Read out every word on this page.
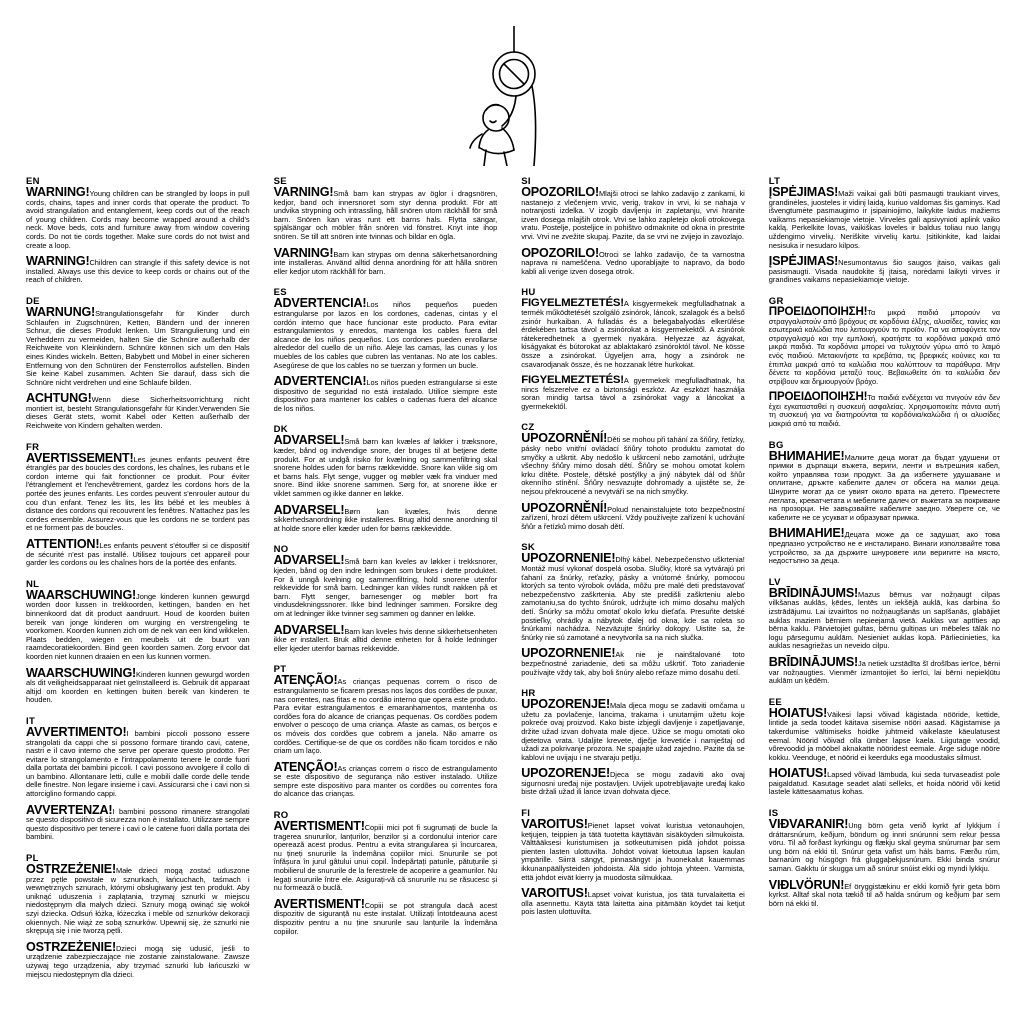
EN
WARNING!Young children can be strangled by loops in pull cords, chains, tapes and inner cords that operate the product. To avoid strangulation and entanglement, keep cords out of the reach of young children. Cords may become wrapped around a child's neck. Move beds, cots and furniture away from window covering cords. Do not tie cords together. Make sure cords do not twist and create a loop.
WARNING!Children can strangle if this safety device is not installed. Always use this device to keep cords or chains out of the reach of children.
DE
WARNUNG!Strangulationsgefahr für Kinder durch Schlaufen in Zugschnüren, Ketten, Bändern und der inneren Schnur, die dieses Produkt lenken. Um Strangulierung und ein Verheddern zu vermeiden, halten Sie die Schnüre außerhalb der Reichweite von Kleinkindern. Schnüre können sich um den Hals eines Kindes wickeln. Betten, Babybett und Möbel in einer sicheren Entfernung von den Schnüren der Fensterrollos aufstellen. Binden Sie keine Kabel zusammen. Achten Sie darauf, dass sich die Schnüre nicht verdrehen und eine Schlaufe bilden.
ACHTUNG!Wenn diese Sicherheitsvorrichtung nicht montiert ist, besteht Strangulationsgefahr für Kinder.Verwenden Sie dieses Gerät stets, womit Kabel oder Ketten außerhalb der Reichweite von Kindern gehalten werden.
FR
AVERTISSEMENT!Les jeunes enfants peuvent être étranglés par des boucles des cordons, les chaînes, les rubans et le cordon interne qui fait fonctionner ce produit. Pour éviter l'étranglement et l'enchevêtrement, gardez les cordons hors de la portée des jeunes enfants. Les cordes peuvent s'enrouler autour du cou d'un enfant. Tenez les lits, les lits bébé et les meubles à distance des cordons qui recouvrent les fenêtres. N'attachez pas les cordes ensemble. Assurez-vous que les cordons ne se tordent pas et ne forment pas de boucles.
ATTENTION!Les enfants peuvent s'étouffer si ce dispositif de sécurité n'est pas installé. Utilisez toujours cet appareil pour garder les cordons ou les chaînes hors de la portée des enfants.
NL
WAARSCHUWING!Jonge kinderen kunnen gewurgd worden door lussen in trekkoorden, kettingen, banden en het binnenkoord dat dit product aandruurt. Houd de koorden buiten bereik van jonge kinderen om wurging en verstrengeling te voorkomen. Koorden kunnen zich om de nek van een kind wikkelen. Plaats bedden, wiegen en meubels uit de buurt van raamdecoratiekoorden. Bind geen koorden samen. Zorg ervoor dat koorden niet kunnen draaien en een lus kunnen vormen.
WAARSCHUWING!Kinderen kunnen gewurgd worden als dit veiligheidsapparaat niet geïnstalleerd is. Gebruik dit apparaat altijd om koorden en kettingen buiten bereik van kinderen te houden.
IT
AVVERTIMENTO!I bambini piccoli possono essere strangolati da cappi che si possono formare tirando cavi, catene, nastri e il cavo interno che serve per operare questo prodotto. Per evitare lo strangolamento e l'intrappolamento tenere le corde fuori dalla portata dei bambini piccoli. I cavi possono avvolgere il collo di un bambino. Allontanare letti, culle e mobili dalle corde delle tende delle finestre. Non legare insieme i cavi. Assicurarsi che i cavi non si attorciglino formando cappi.
AVVERTENZA!I bambini possono rimanere strangolati se questo dispositivo di sicurezza non è installato. Utilizzare sempre questo dispositivo per tenere i cavi o le catene fuori dalla portata dei bambini.
PL
OSTRZEŻENIE!Małe dzieci mogą zostać uduszone przez pętle powstałe w sznurkach, łańcuchach, taśmach i wewnętrznych sznurach, którymi obsługiwany jest ten produkt. Aby uniknąć uduszenia i zaplątania, trzymaj sznurki w miejscu niedostępnym dla małych dzieci. Sznury mogą owinąć się wokół szyi dziecka. Odsuń łóżka, łóżeczka i meble od sznurków dekoracji okiennych. Nie wiąż ze sobą sznurków. Upewnij się, że sznurki nie skrępują się i nie tworzą pętli.
OSTRZEŻENIE!Dzieci mogą się udusić, jeśli to urządzenie zabezpieczające nie zostanie zainstalowane. Zawsze używaj tego urządzenia, aby trzymać sznurki lub łańcuszki w miejscu niedostępnym dla dzieci.
SE
VARNING!Små barn kan strypas av öglor i dragsnören, kedjor, band och innersnoret som styr denna produkt. För att undvika strypning och intrassling, håll snören utom räckhåll för små barn. Snören kan viras runt ett barns hals. Flytta sängar, spjälsängar och möbler från snören vid fönstret. Knyt inte ihop snören. Se till att snören inte tvinnas och bildar en ögla.
VARNING!Barn kan strypas om denna säkerhetsanordning inte installeras. Använd alltid denna anordning för att hålla snören eller kedjor utom räckhåll för barn.
ES
ADVERTENCIA!Los niños pequeños pueden estrangularse por lazos en los cordones, cadenas, cintas y el cordón interno que hace funcionar este producto. Para evitar estrangulamientos y enredos, mantenga los cables fuera del alcance de los niños pequeños. Los cordones pueden enrollarse alrededor del cuello de un niño. Aleje las camas, las cunas y los muebles de los cables que cubren las ventanas. No ate los cables. Asegúrese de que los cables no se tuerzan y formen un bucle.
ADVERTENCIA!Los niños pueden estrangularse si este dispositivo de seguridad no está instalado. Utilice siempre este dispositivo para mantener los cables o cadenas fuera del alcance de los niños.
DK
ADVARSEL!Små børn kan kvæles af løkker i træksnore, kæder, bånd og indvendige snore, der bruges til at betjene dette produkt. For at undgå risiko for kvælning og sammenfiltring skal snorene holdes uden for børns rækkevidde. Snore kan vikle sig om et barns hals. Flyt senge, vugger og møbler væk fra vinduer med snore. Bind ikke snorene sammen. Sørg for, at snorene ikke er viklet sammen og ikke danner en løkke.
ADVARSEL!Børn kan kvæles, hvis denne sikkerhedsanordning ikke installeres. Brug altid denne anordning til at holde snore eller kæder uden for børns rækkevidde.
NO
ADVARSEL!Små barn kan kveles av løkker i trekksnorer, kjeden, bånd og den indre ledningen som brukes i dette produktet. For å unngå kvelning og sammenfiltring, hold snorene utenfor rekkevidde for små barn. Ledninger kan vikles rundt nakken på et barn. Flytt senger, barnesenger og møbler bort fra vindusdekningssnorer. Ikke bind ledninger sammen. Forsikre deg om at ledninger ikke tvinner seg sammen og danner en løkke.
ADVARSEL!Barn kan kveles hvis denne sikkerhetsenheten ikke er installert. Bruk alltid denne enheten for å holde ledninger eller kjeder utenfor barnas rekkevidde.
PT
ATENÇÃO!As crianças pequenas correm o risco de estrangulamento se ficarem presas nos laços dos cordões de puxar, nas correntes, nas fitas e no cordão interno que opera este produto. Para evitar estrangulamentos e emaranhamentos, mantenha os cordões fora do alcance de crianças pequenas. Os cordões podem envolver o pescoço de uma criança. Afaste as camas, os berços e os móveis dos cordões que cobrem a janela. Não amarre os cordões. Certifique-se de que os cordões não ficam torcidos e não criam um laço.
ATENÇÃO!As crianças correm o risco de estrangulamento se este dispositivo de segurança não estiver instalado. Utilize sempre este dispositivo para manter os cordões ou correntes fora do alcance das crianças.
RO
AVERTISMENT!Copiii mici pot fi sugrumați de bucle la tragerea snururilor, lanțurilor, benzilor și a cordonului interior care operează acest produs. Pentru a evita strangularea și încurcarea, nu țineți snururile la îndemâna copiilor mici. Snururile se pot înfășura în jurul gâtului unui copil. Îndepărtați paturile, pătuțurile și mobilierul de snururile de la ferestrele de acoperire a geamurilor. Nu legați snururile între ele. Asigurați-vă că snururile nu se răsucesc și nu formează o buclă.
AVERTISMENT!Copiii se pot strangula dacă acest dispozitiv de siguranță nu este instalat. Utilizați întotdeauna acest dispozitiv pentru a nu ține snururile sau lanțurile la îndemâna copiilor.
SI
OPOZORILO!Mlajši otroci se lahko zadavijo z zankami, ki nastanejo z vlečenjem vrvic, verig, trakov in vrvi, ki se nahaja v notranjosti izdelka. V izogib davljenju in zapletanju, vrvi hranite izven dosega mlajših otrok. Vrvi se lahko zapletejo okoli otrokovega vratu. Postelje, posteljice in pohištvo odmaknite od okna in prestrite vrvi. Vrvi ne zvežite skupaj. Pazite, da se vrvi ne zvijejo in zavozlajo.
OPOZORILO!Otroci se lahko zadavijo, če ta varnostna naprava ni nameščena. Vedno uporabljajte to napravo, da bodo kabli ali verige izven dosega otrok.
HU
FIGYELMEZTETÉS!A kisgyermekek megfulladhatnak a termék működtetését szolgáló zsinórok, láncok, szalagok és a belső zsinór hurkaiban. A fulladás és a belegabalyodás elkerülése érdekében tartsa távol a zsinórokat a kisgyermekektől. A zsinórok rátekeredhetnek a gyermek nyakára. Helyezze az ágyakat, kiságyakat és bútorokat az ablaktakaró zsinóroktól távol. Ne kösse össze a zsinórokat. Ügyeljen arra, hogy a zsinórok ne csavarodjanak össze, és ne hozzanak létre hurkokat.
FIGYELMEZTETÉS!A gyermekek megfulladhatnak, ha nincs felszerelve ez a biztonsági eszköz. Az eszközt használja soran mindig tartsa távol a zsinórokat vagy a láncokat a gyermekektől.
CZ
UPOZORNĚNÍ!Děti se mohou při tahání za šňůry, řetízky, pásky nebo vnitřní ovládací šňůry tohoto produktu zamotat do smyčky a uškrtit. Aby nedošlo k uškrcení nebo zamotání, udržujte všechny šňůry mimo dosah dětí. Šňůry se mohou omotat kolem krku dítěte. Postele, dětské postýlky a jiný nábytek dál od šňůr okenního stínění. Šňůry nesvazujte dohromady a ujistěte se, že nejsou překroucené a nevytváří se na nich smyčky.
UPOZORNĚNÍ!Pokud nenainstalujete toto bezpečnostní zařízení, hrozí dětem uškrcení. Vždy používejte zařízení k uchování šňůr a řetízků mimo dosah dětí.
SK
UPOZORNENIE!Dlhý kábel. Nebezpečenstvo uškrtenia! Montáž musí vykonať dospelá osoba. Slučky, ktoré sa vytvárajú pri ťahaní za šnúrky, reťazky, pásky a vnútorné šnúrky, pomocou ktorých sa tento výrobok ovláda, môžu pre malé deti predstavovať nebezpečenstvo zaškrtenia. Aby ste predišli zaškrteniu alebo zamotaniu,sa do tychto šnúrok, udržujte ich mimo dosahu malých detí. Šnúrky sa môžu omotať okolo krku dieťaťa. Presuňte detské postieľky, ohrádky a nábytok ďalej od okna, kde sa roleta so šnúrkami nachádza. Nezväzujte šnúrky dokopy. Uistite sa, že šnúrky nie sú zamotané a nevytvorila sa na nich slučka.
UPOZORNENIE!Ak nie je nainštalované toto bezpečnostné zariadenie, deti sa môžu uškrtiť. Toto zariadenie používajte vždy tak, aby boli šnúry alebo reťaze mimo dosahu detí.
HR
UPOZORENJE!Mala djeca mogu se zadaviti omčama u užetu za povlačenje, lancima, trakama i unutarnjim užetu koje pokreće ovaj proizvod. Kako biste izbjegli davljenje i zapetljavanje, držite užad izvan dohvata male djece. Užice se mogu omotati oko djetetova vrata. Udaljite krevete, dječje krevetiće i namještaj od užadi za pokrivanje prozora. Ne spajajte užad zajedno. Pazite da se kablovi ne uvijaju i ne stvaraju petlju.
UPOZORENJE!Djeca se mogu zadaviti ako ovaj sigurnosni uređaj nije postavljen. Uvijek upotrebljavajte uređaj kako biste držali užad ili lance izvan dohvata djece.
FI
VAROITUS!Pienet lapset voivat kuristua vetonauhojen, ketjujen, teippien ja tätä tuotetta käyttävän sisäköyden silmukoista. Välttääksesi kuristumisen ja sotkeutumisen pidä johdot poissa pienten lasten ulottuvilta. Johdot voivat kietoutua lapsen kaulan ympärille. Siirrä sängyt, pinnasängyt ja huonekalut kauemmas ikkunanpäällysteiden johdoista. Älä sido johtoja yhteen. Varmista, että johdot eivät kierry ja muodosta silmukkaa.
VAROITUS!Lapset voivat kuristua, jos tätä turvalaitetta ei olla asennettu. Käytä tätä laitetta aina pitämään köydet tai ketjut pois lasten ulottuvilta.
LT
ĮSPĖJIMAS!Maži vaikai gali būti pasmaugti traukiant virves, grandinėles, juosteles ir vidinį laidą, kuriuo valdomas šis gaminys. Kad išvengtumėte pasmaugimo ir įsipainiojimo, laikykite laidus mažiems vaikams nepasiekiamoje vietoje. Virvelės gali apsivynioti aplink vaiko kaklą. Perkelkite lovas, vaikiškas loveles ir baldus toliau nuo langų uždengimo virvelių. Neriškite virvelių kartu. Įsitikinkite, kad laidai nesisuka ir nesudaro kilpos.
ĮSPĖJIMAS!Nesumontavus šio saugos įtaiso, vaikas gali pasismaugti. Visada naudokite šį įtaisą, norėdami laikyti virves ir grandines vaikams nepasiekiamoje vietoje.
GR
ΠΡΟΕΙΔΟΠΟΙΗΣΗ!Τα μικρά παιδιά μπορούν να στραγγαλιστούν από βρόχους σε κορδόνια έλξης, αλυσίδες, ταινίες και εσωτερικά καλώδια που λειτουργούν το προϊόν. Για να αποφύγετε τον στραγγαλισμό και την εμπλοκή, κρατήστε τα κορδόνια μακριά από μικρά παιδιά. Τα κορδόνια μπορεί να τυλιχτούν γύρω από το λαιμό ενός παιδιού. Μετακινήστε τα κρεβάτια, τις βρεφικές κούνιες και τα έπιπλα μακριά από τα καλώδια που καλύπτουν τα παράθυρα. Μην δένετε τα κορδόνια μεταξύ τους. Βεβαιωθείτε ότι τα καλώδια δεν στρίβουν και δημιουργούν βρόχο.
ΠΡΟΕΙΔΟΠΟΙΗΣΗ!Τα παιδιά ενδέχεται να πνιγούν εάν δεν έχει εγκατασταθεί η συσκευή ασφαλείας. Χρησιμοποιείτε πάντα αυτή τη συσκευή για να διατηρούνται τα κορδόνια/καλώδια ή οι αλυσίδες μακριά από τα παιδιά.
BG
ВНИМАНИЕ!Малките деца могат да бъдат удушени от примки в дърпащи въжета, вериги, ленти и вътрешния кабел, който управлява този продукт. За да избегнете удушаване и оплитане, дръжте кабелите далеч от обсега на малки деца. Шнурите могат да се увият около врата на детето. Преместете леглата, креватчетата и мебелите далеч от въжетата за покриване на прозорци. Не завързвайте кабелите заедно. Уверете се, че кабелите не се усукват и образуват примка.
ВНИМАНИЕ!Децата може да се задушат, ако това предпазно устройство не е инсталирано. Винаги използвайте това устройство, за да държите шнуровете или веригите на място, недостъпно за деца.
LV
BRĪDINĀJUMS!Mazus bērnus var nožņaugt cilpas vilkšanas auklās, ķēdes, lentēs un iekšējā auklā, kas darbina šo izstrādājumu. Lai izvairītos no nožņaugšanās un sapīšanās, glabājiet auklas maziem bērniem nepieejamā vietā. Auklas var aptīties ap bērna kaklu. Pārvietojiet gultas, bērnu gultiņas un mēbeles tālāk no logu pārsegumu auklām. Nesieniet auklas kopā. Pārliecinieties, ka auklas nesagriežas un neveido cilpu.
BRĪDINĀJUMS!Ja netiek uzstādīta šī drošības ierīce, bērni var nožņaugties. Vienmēr izmantojiet šo ierīci, lai bērni nepiekļūtu auklām un ķēdēm.
EE
HOIATUS!Väikesi lapsi võivad kägistada nööride, kettide, lintide ja seda toodet käitava sisemise nööri aasad. Kägistamise ja takerdumise vältimiseks hoidke juhtmeid väikelaste käeulatusest eemal. Nöörid võivad olla ümber lapse kaela. Liigutage voodid, võrevoodid ja mööbel aknakatte nööridest eemale. Ärge siduge nööre kokku. Veenduge, et nöörid ei keerduks ega moodustaks silmust.
HOIATUS!Lapsed võivad lämbuda, kui seda turvaseadist pole paigaldatud. Kasutage seadet alati selleks, et hoida nöörid või ketid lastele kättesaamatus kohas.
IS
VIÐVARANIR!Ung börn geta verið kyrkt af lykkjum í dráttarsnúrum, keðjum, böndum og innri snúrunni sem rekur þessa vöru. Til að forðast kyrkingu og flækju skal geyma snúrurnar þar sem ung börn ná ekki til. Snúrur geta vafist um háls barns. Færðu rúm, barnarúm og húsgögn frá gluggaþekjusnúrum. Ekki binda snúrur saman. Gakktu úr skugga um að snúrur snúist ekki og myndi lykkju.
VIÐLVÖRUN!Ef öryggistækinu er ekki komið fyrir geta börn kyrkst. Alltaf skal nota tækið til að halda snúrum og keðjum þar sem börn ná ekki til.
